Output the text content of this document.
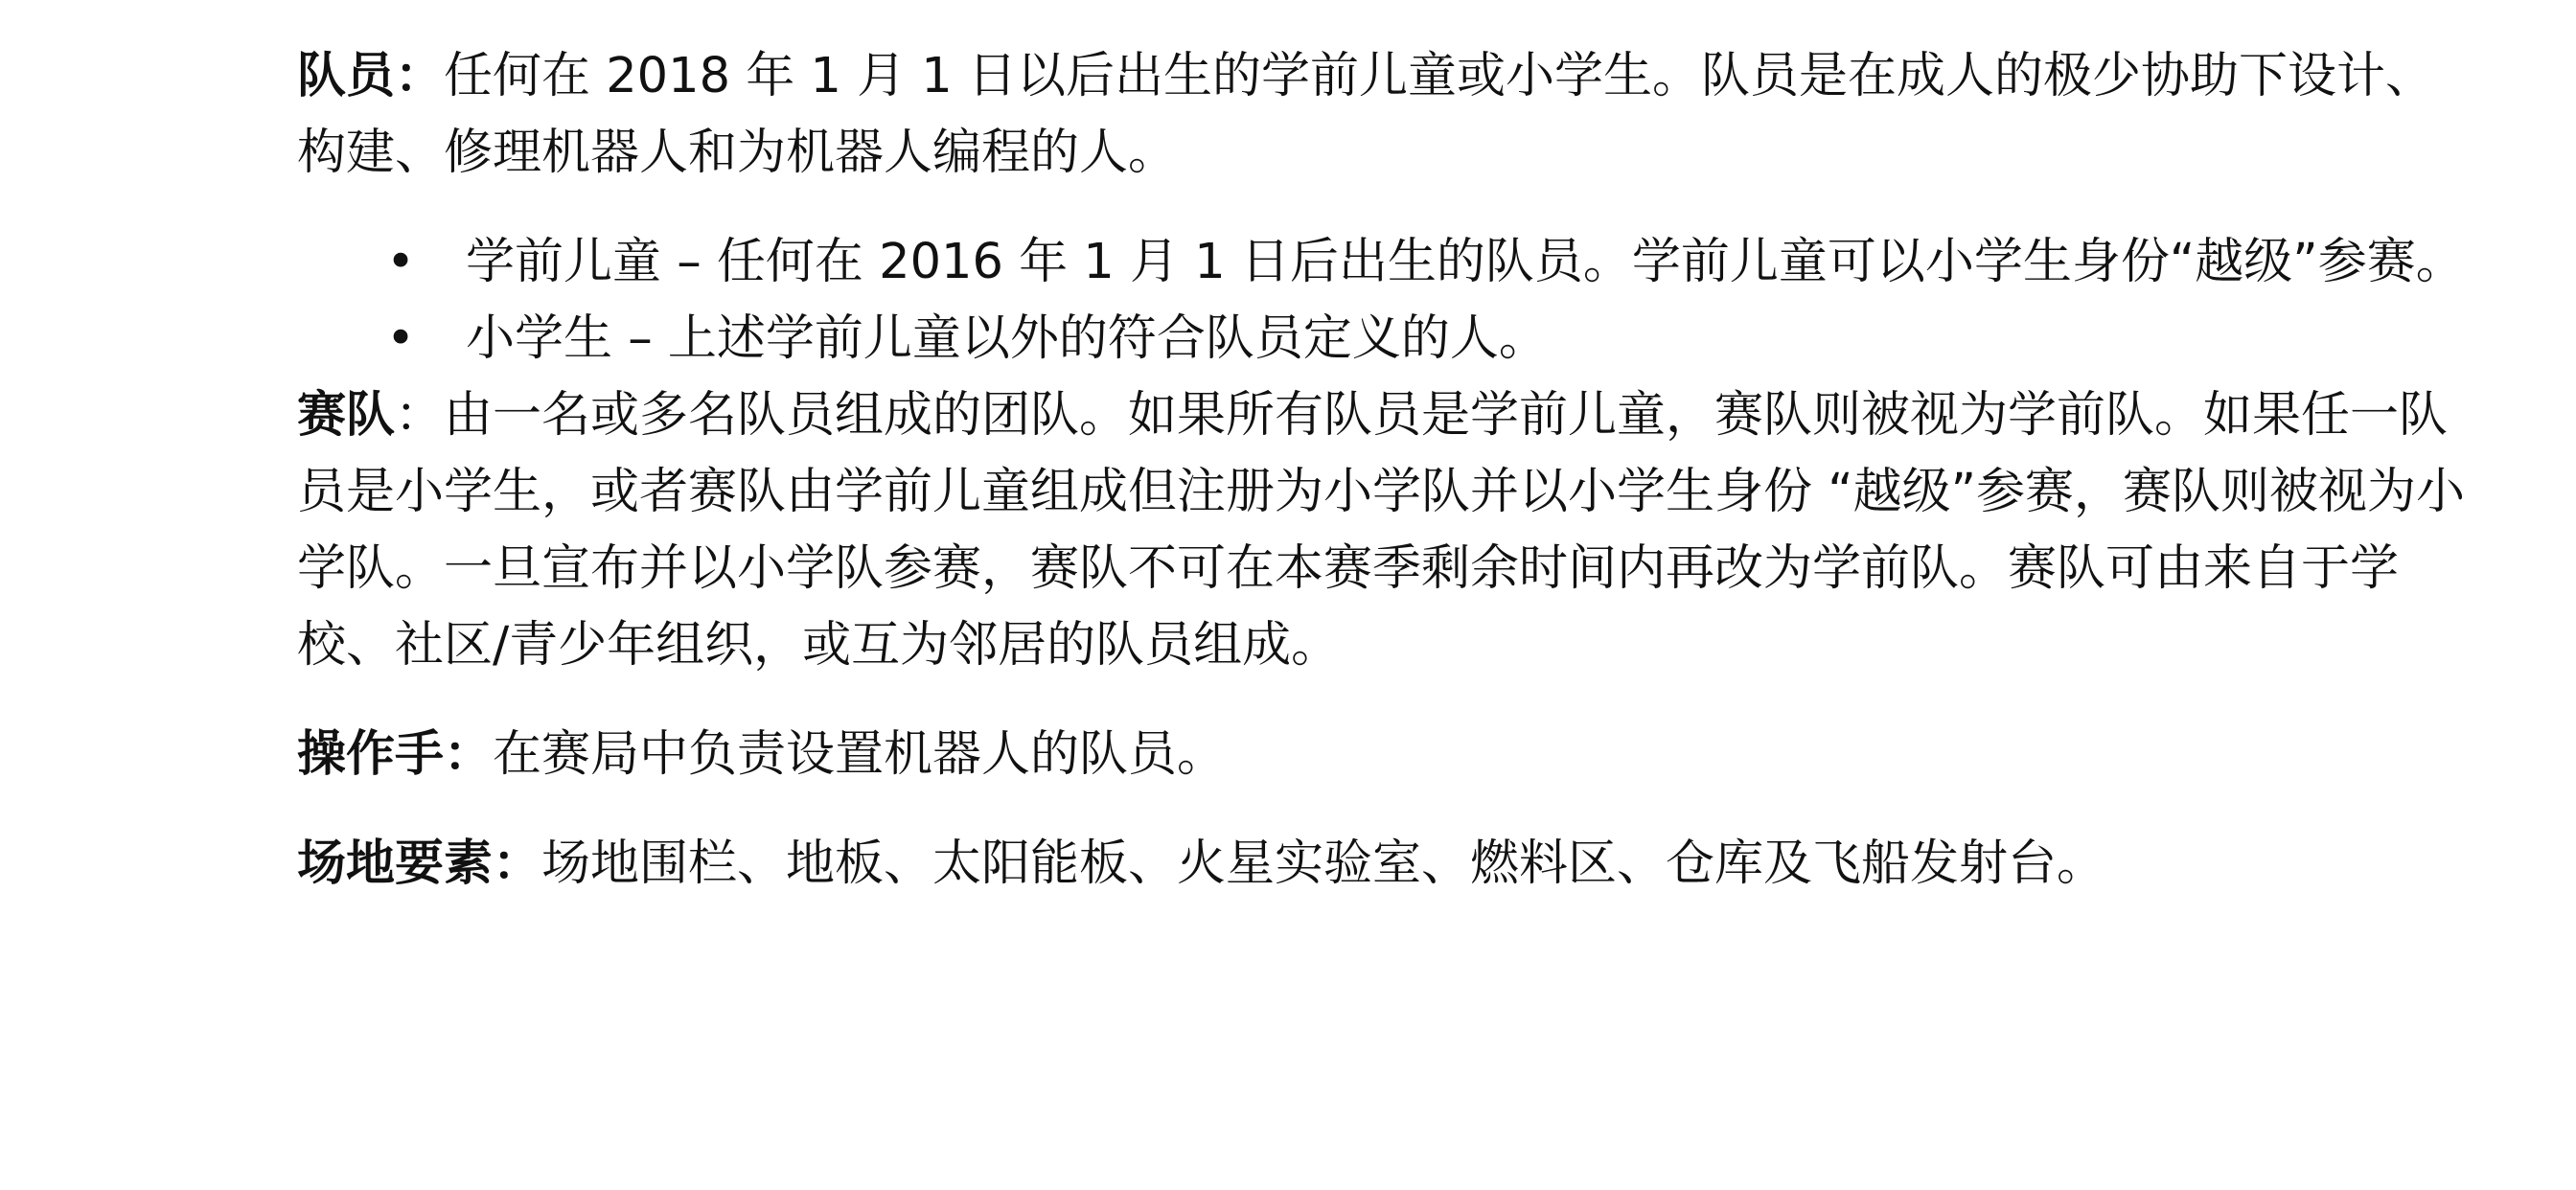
队员：任何在 2018 年 1 月 1 日以后出生的学前儿童或小学生。队员是在成人的极少协助下设计、构建、修理机器人和为机器人编程的人。

• 学前儿童 – 任何在 2016 年 1 月 1 日后出生的队员。学前儿童可以小学生身份“越级”参赛。
• 小学生 – 上述学前儿童以外的符合队员定义的人。

赛队：由一名或多名队员组成的团队。如果所有队员是学前儿童，赛队则被视为学前队。如果任一队员是小学生，或者赛队由学前儿童组成但注册为小学队并以小学生身份 “越级”参赛，赛队则被视为小学队。一旦宣布并以小学队参赛，赛队不可在本赛季剩余时间内再改为学前队。赛队可由来自于学校、社区/青少年组织，或互为邻居的队员组成。

操作手：在赛局中负责设置机器人的队员。

场地要素：场地围栏、地板、太阳能板、火星实验室、燃料区、仓库及飞船发射台。
